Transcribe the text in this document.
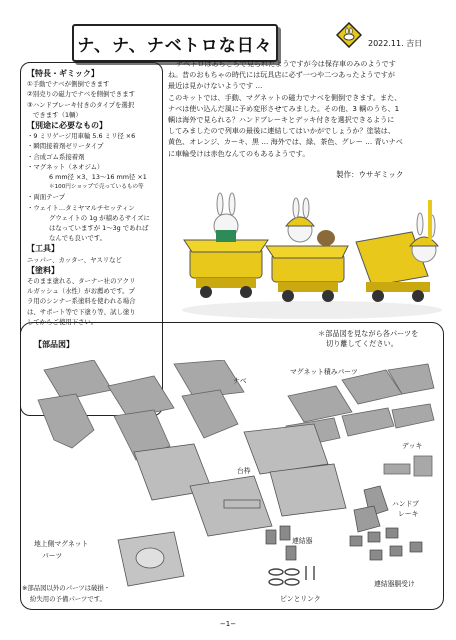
ナ、ナ、ナベトロな日々	2022.11. 吉日
【特長・ギミック】
①手動でナベが側倒できます
②別売りの磁力でナベを側倒できます
③ハンドブレーキ付きのタイプを選択
できます（1輌）
【別途に必要なもの】
・9 ミリゲージ用車輪 5.6 ミリ径 ×6
・瞬間接着剤ゼリータイプ
・合成ゴム系接着剤
・マグネット（ネオジム）
6 mm径 ×3、13〜16 mm径 ×1
＊100円ショップで売っているもの等
・両面テープ
・ウェイト…タミヤマルチセッティン
グウェイトの 1g が積めるサイズに
はなっていますが 1〜3g であれば
なんでも良いです。
【工具】
ニッパー、カッター、ヤスリなど
【塗料】
そのまま塗れる、ターナー社のアクリ
ルガッシュ（水性）がお薦めです。プ
ラ用のシンナー系塗料を使われる場合
は、サポート等で下塗り等、試し塗り
してからご使用下さい。
ナベトロはあちこちで見られたようですが今は保存車のみのようです
ね。昔のおもちゃの時代には玩具店に必ず一つや二つあったようですが
最近は見かけないようです …
このキットでは、手動、マグネットの磁力でナベを側倒できます。また、
ナベは使い込んだ風に予め変形させてみました。その他、3 輌のうち、1
輌は海外で見られる？ハンドブレーキとデッキ付きを選択できるように
してみましたので列車の最後に連結してはいかがでしょうか？塗装は、
黄色、オレンジ、カーキ、黒 … 海外では、緑、茶色、グレー … 青いナベ
に車輪受けは赤色なんてのもあるようです。
製作：ウサギミック
【部品図】
＊部品図を見ながら各パーツを
切り離してください。
ナベ
マグネット積みパーツ
デッキ
台枠
ハンドブ
レーキ
連結器
地上側マグネット
パーツ
連結器胴受け
ピンとリンク
※部品図以外のパーツは破損・
紛失用の予備パーツです。
−1−
